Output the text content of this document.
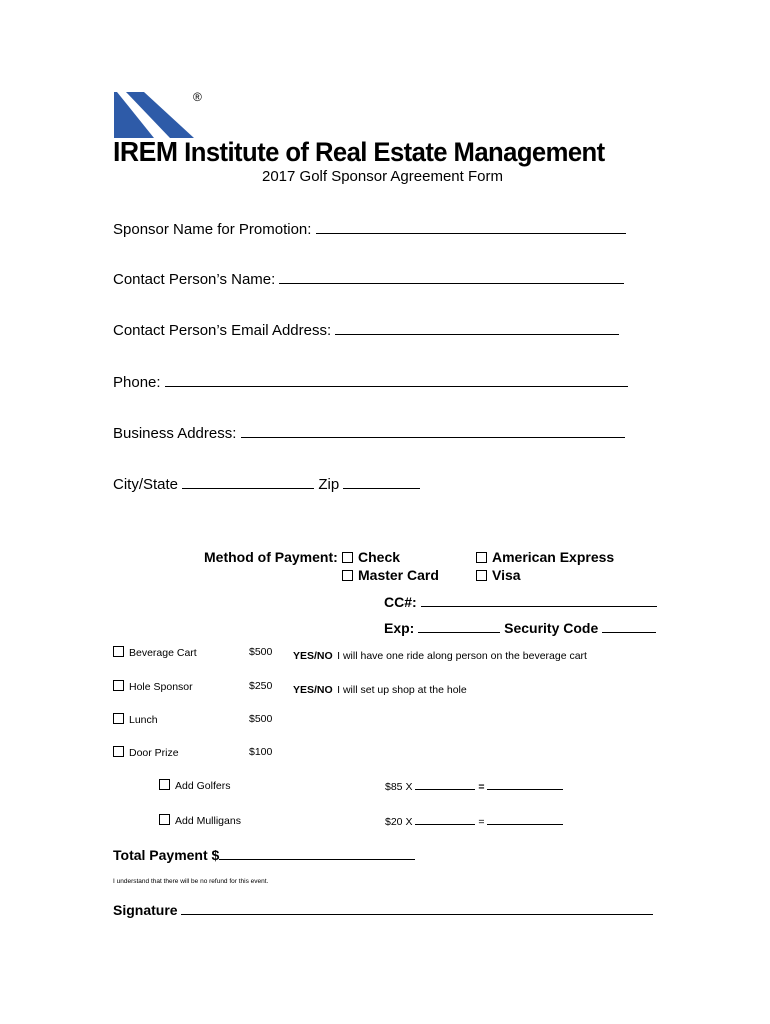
®
IREM Institute of Real Estate Management
2017 Golf Sponsor Agreement Form
Sponsor Name for Promotion:
Contact Person’s Name:
Contact Person’s Email Address:
Phone:
Business Address:
City/State	Zip
Method of Payment:	Check	American Express
Master Card	Visa
CC#:
Exp:	Security Code
Beverage Cart	$500 YES/NO I will have one ride along person on the beverage cart
Hole Sponsor	$250 YES/NO I will set up shop at the hole
Lunch	$500
Door Prize	$100
Add Golfers	$85 X	=
Add Mulligans	$20 X	=
Total Payment $
I understand that there will be no refund for this event.
Signature
